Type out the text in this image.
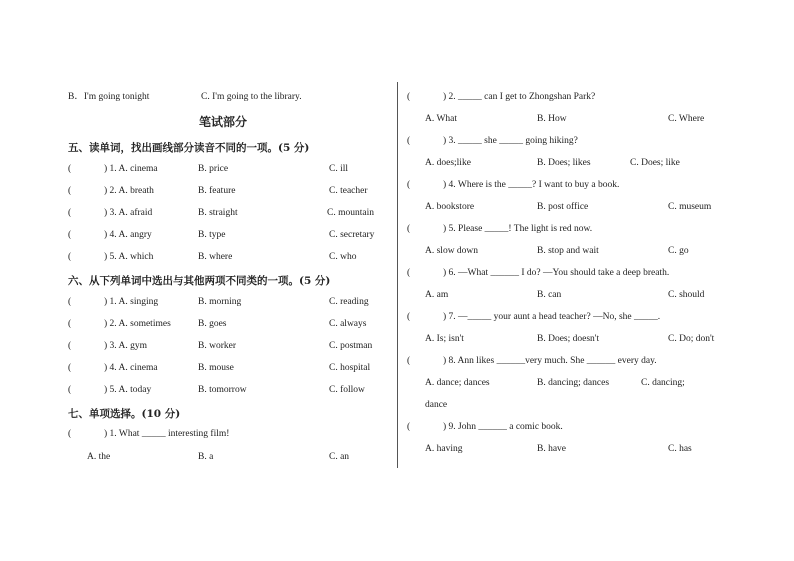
B．I'm going tonight	C. I'm going to the library.
笔试部分
五、读单词，找出画线部分读音不同的一项。(5 分)
(	) 1. A. cinema	B. price	C. ill
(	) 2. A. breath	B. feature	C. teacher
(	) 3. A. afraid	B. straight	C. mountain
(	) 4. A. angry	B. type	C. secretary
(	) 5. A. which	B. where	C. who
六、从下列单词中选出与其他两项不同类的一项。(5 分)
(	) 1. A. singing	B. morning	C. reading
(	) 2. A. sometimes	B. goes	C. always
(	) 3. A. gym	B. worker	C. postman
(	) 4. A. cinema	B. mouse	C. hospital
(	) 5. A. today	B. tomorrow	C. follow
七、单项选择。(10 分)
(	) 1. What _____ interesting film!
A. the	B. a	C. an
(	) 2. _____ can I get to Zhongshan Park?
A. What	B. How	C. Where
(	) 3. _____ she _____ going hiking?
A. does;like	B. Does; likes	C. Does; like
(	) 4. Where is the _____? I want to buy a book.
A. bookstore	B. post office	C. museum
(	) 5. Please _____! The light is red now.
A. slow down	B. stop and wait	C. go
(	) 6. —What ______ I do? —You should take a deep breath.
A. am	B. can	C. should
(	) 7. —_____ your aunt a head teacher? —No, she _____.
A. Is; isn't	B. Does; doesn't	C. Do; don't
(	) 8. Ann likes ______very much. She ______ every day.
A. dance; dances	B. dancing; dances	C. dancing;
dance
(	) 9. John ______ a comic book.
A. having	B. have	C. has
